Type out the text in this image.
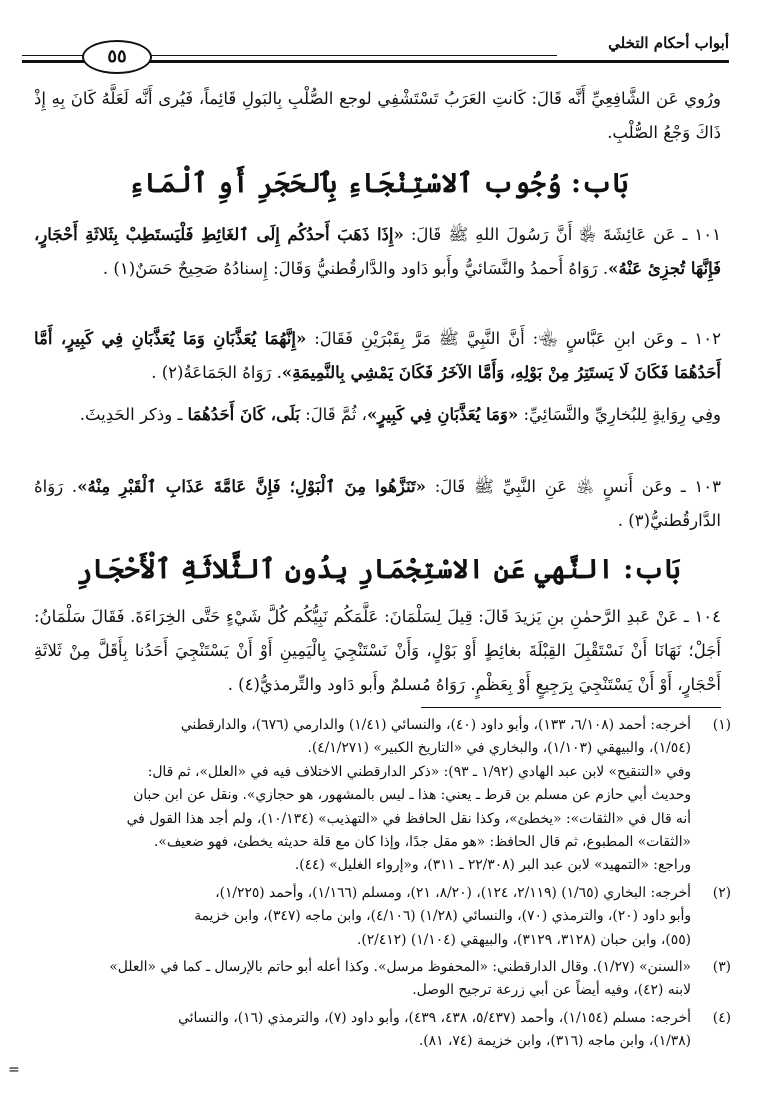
أبواب أحكام التخلي
٥٥
ورُوي عَن الشَّافِعِيِّ أَنَّه قَالَ: كَانتِ العَرَبُ تَسْتَشْفِي لوجع الصُّلْبِ بِالبَولِ قَائِماً، فَيُرى أَنَّه لَعَلَّهُ كَانَ بِهِ إِذْ ذَاكَ وَجْعُ الصُّلْبِ.
بَاب: وُجُوب ٱلاسْتِنْجَاءِ بِٱلحَجَرِ أَوِ ٱلْمَاءِ
١٠١ ـ عَن عَائِشَةَ ﵂ أَنَّ رَسُولَ اللهِ ﷺ قَالَ: «إِذَا ذَهَبَ أَحدُكُم إِلَى ٱلغَائِطِ فَلْيَستَطِبْ بِثَلاثَةِ أَحْجَارٍ، فَإِنَّهَا تُجزِئ عَنْهُ». رَوَاهُ أَحمدُ والنَّسَائيُّ وأَبو دَاود والدَّارقُطنيُّ وَقَالَ: إِسنادُهُ صَحِيحٌ حَسَنٌ(١) .
١٠٢ ـ وعَن ابنِ عَبَّاسٍ ﵄: أَنَّ النَّبِيَّ ﷺ مَرَّ بِقَبْرَيْنِ فَقَالَ: «إِنَّهُمَا يُعَذَّبَانِ وَمَا يُعَذَّبَانِ فِي كَبِيرٍ، أَمَّا أَحَدُهُمَا فَكَانَ لَا يَستَتِرُ مِنْ بَوْلِهِ، وَأَمَّا الآخَرُ فَكَانَ يَمْشِي بِالنَّمِيمَةِ». رَوَاهُ الجَمَاعَةُ(٢) .
وفِي رِوَايةٍ لِلبُخارِيِّ والنَّسَائِيِّ: «وَمَا يُعَذَّبَانِ فِي كَبِيرٍ»، ثُمَّ قَالَ: بَلَى، كَانَ أَحَدُهُمَا ـ وذكر الحَدِيثَ.
١٠٣ ـ وعَن أَنسٍ ﵁ عَنِ النَّبِيِّ ﷺ قَالَ: «تَنَزَّهُوا مِنَ ٱلْبَوْلِ؛ فَإِنَّ عَامَّةَ عَذَابِ ٱلْقَبْرِ مِنْهُ». رَوَاهُ الدَّارقُطنيُّ(٣) .
بَاب: النَّهي عَنِ الاسْتِجْمَارِ بِدُونِ ٱلثَّلاثَةِ ٱلْأَحْجَارِ
١٠٤ ـ عَنْ عَبدِ الرَّحمٰنِ بنِ يَزيدَ قَالَ: قِيلَ لِسَلْمَانَ: عَلَّمَكُم نَبِيُّكُم كُلَّ شَيْءٍ حَتَّى الخِرَاءَةَ. فَقَالَ سَلْمَانُ: أَجَلْ؛ نَهَانَا أَنْ نَسْتَقْبِلَ القِبْلَةَ بغائِطٍ أَوْ بَوْلٍ، وَأَنْ نَسْتَنْجِيَ بِالْيَمِينِ أَوْ أَنْ يَسْتَنْجِيَ أَحَدُنا بِأَقَلَّ مِنْ ثَلاثَةِ أَحْجَارٍ، أَوْ أَنْ يَسْتَنْجِيَ بِرَجِيعٍ أَوْ بِعَظْمٍ. رَوَاهُ مُسلمٌ وأَبو دَاود والتِّرمذيُّ(٤) .
(١)
أخرجه: أحمد (٦/١٠٨، ١٣٣)، وأبو داود (٤٠)، والنسائي (١/٤١) والدارمي (٦٧٦)، والدارقطني
(١/٥٤)، والبيهقي (١/١٠٣)، والبخاري في «التاريخ الكبير» (٤/١/٢٧١).
وفي «التنقيح» لابن عبد الهادي (١/٩٢ ـ ٩٣): «ذكر الدارقطني الاختلاف فيه في «العلل»، ثم قال:
وحديث أبي حازم عن مسلم بن قرط ـ يعني: هذا ـ ليس بالمشهور، هو حجازي». ونقل عن ابن حبان
أنه قال في «الثقات»: «يخطئ»، وكذا نقل الحافظ في «التهذيب» (١٠/١٣٤)، ولم أجد هذا القول في
«الثقات» المطبوع، ثم قال الحافظ: «هو مقل جدًا، وإذا كان مع قلة حديثه يخطئ، فهو ضعيف».
وراجع: «التمهيد» لابن عبد البر (٢٢/٣٠٨ ـ ٣١١)، و«إرواء الغليل» (٤٤).
(٢)
أخرجه: البخاري (١/٦٥) (٢/١١٩، ١٢٤)، (٨/٢٠، ٢١)، ومسلم (١/١٦٦)، وأحمد (١/٢٢٥)،
وأبو داود (٢٠)، والترمذي (٧٠)، والنسائي (١/٢٨) (٤/١٠٦)، وابن ماجه (٣٤٧)، وابن خزيمة
(٥٥)، وابن حبان (٣١٢٨، ٣١٢٩)، والبيهقي (١/١٠٤) (٢/٤١٢).
(٣)
«السنن» (١/٢٧). وقال الدارقطني: «المحفوظ مرسل». وكذا أعله أبو حاتم بالإرسال ـ كما في «العلل»
لابنه (٤٢)، وفيه أيضاً عن أبي زرعة ترجيح الوصل.
(٤)
أخرجه: مسلم (١/١٥٤)، وأحمد (٥/٤٣٧، ٤٣٨، ٤٣٩)، وأبو داود (٧)، والترمذي (١٦)، والنسائي
(١/٣٨)، وابن ماجه (٣١٦)، وابن خزيمة (٧٤، ٨١).
=
